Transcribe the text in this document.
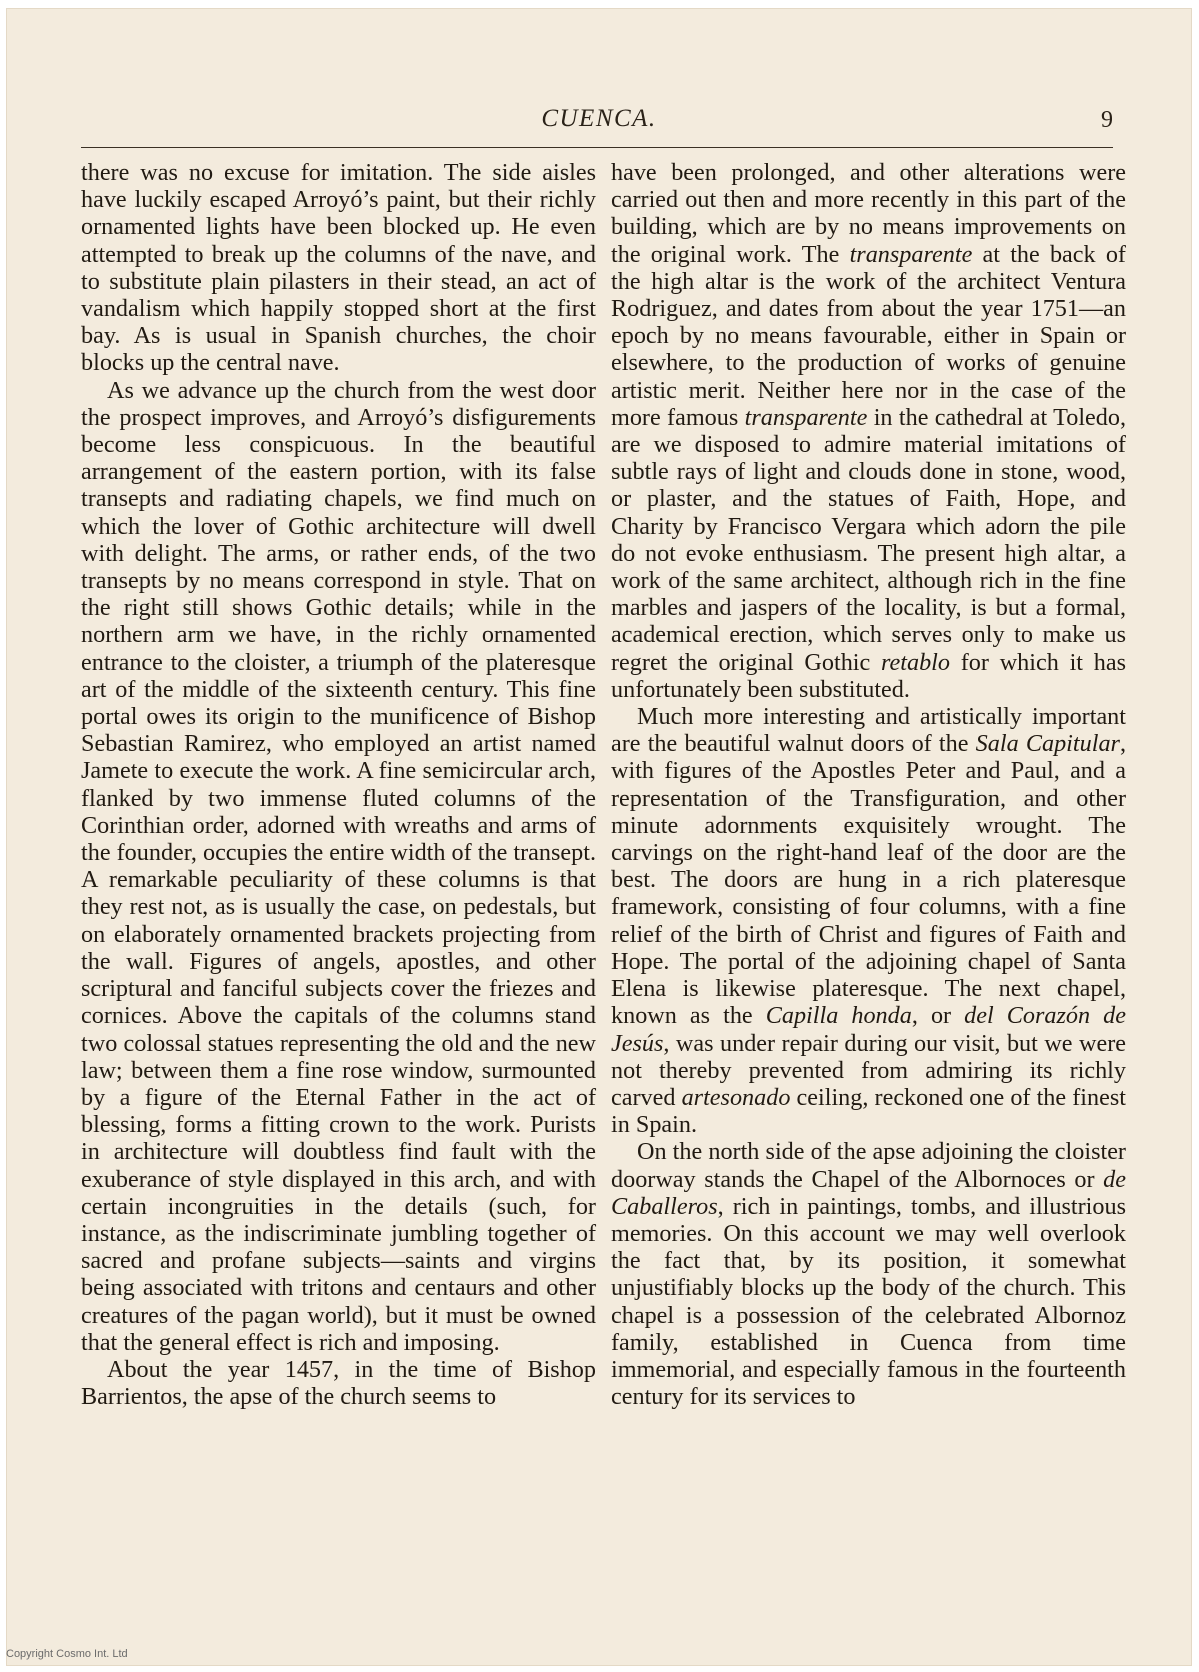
CUENCA.	9

there was no excuse for imitation. The side aisles have luckily escaped Arroyó’s paint, but their richly ornamented lights have been blocked up. He even attempted to break up the columns of the nave, and to substitute plain pilasters in their stead, an act of vandalism which happily stopped short at the first bay. As is usual in Spanish churches, the choir blocks up the central nave.

As we advance up the church from the west door the prospect improves, and Arroyó’s disfigurements become less conspicuous. In the beautiful arrangement of the eastern portion, with its false transepts and radiating chapels, we find much on which the lover of Gothic architecture will dwell with delight. The arms, or rather ends, of the two transepts by no means correspond in style. That on the right still shows Gothic details; while in the northern arm we have, in the richly ornamented entrance to the cloister, a triumph of the plateresque art of the middle of the sixteenth century. This fine portal owes its origin to the munificence of Bishop Sebastian Ramirez, who employed an artist named Jamete to execute the work. A fine semicircular arch, flanked by two immense fluted columns of the Corinthian order, adorned with wreaths and arms of the founder, occupies the entire width of the transept. A remarkable peculiarity of these columns is that they rest not, as is usually the case, on pedestals, but on elaborately ornamented brackets projecting from the wall. Figures of angels, apostles, and other scriptural and fanciful subjects cover the friezes and cornices. Above the capitals of the columns stand two colossal statues representing the old and the new law; between them a fine rose window, surmounted by a figure of the Eternal Father in the act of blessing, forms a fitting crown to the work. Purists in architecture will doubtless find fault with the exuberance of style displayed in this arch, and with certain incongruities in the details (such, for instance, as the indiscriminate jumbling together of sacred and profane subjects—saints and virgins being associated with tritons and centaurs and other creatures of the pagan world), but it must be owned that the general effect is rich and imposing.

About the year 1457, in the time of Bishop Barrientos, the apse of the church seems to

have been prolonged, and other alterations were carried out then and more recently in this part of the building, which are by no means improvements on the original work. The transparente at the back of the high altar is the work of the architect Ventura Rodriguez, and dates from about the year 1751—an epoch by no means favourable, either in Spain or elsewhere, to the production of works of genuine artistic merit. Neither here nor in the case of the more famous transparente in the cathedral at Toledo, are we disposed to admire material imitations of subtle rays of light and clouds done in stone, wood, or plaster, and the statues of Faith, Hope, and Charity by Francisco Vergara which adorn the pile do not evoke enthusiasm. The present high altar, a work of the same architect, although rich in the fine marbles and jaspers of the locality, is but a formal, academical erection, which serves only to make us regret the original Gothic retablo for which it has unfortunately been substituted.

Much more interesting and artistically important are the beautiful walnut doors of the Sala Capitular, with figures of the Apostles Peter and Paul, and a representation of the Transfiguration, and other minute adornments exquisitely wrought. The carvings on the right-hand leaf of the door are the best. The doors are hung in a rich plateresque framework, consisting of four columns, with a fine relief of the birth of Christ and figures of Faith and Hope. The portal of the adjoining chapel of Santa Elena is likewise plateresque. The next chapel, known as the Capilla honda, or del Corazón de Jesús, was under repair during our visit, but we were not thereby prevented from admiring its richly carved artesonado ceiling, reckoned one of the finest in Spain.

On the north side of the apse adjoining the cloister doorway stands the Chapel of the Albornoces or de Caballeros, rich in paintings, tombs, and illustrious memories. On this account we may well overlook the fact that, by its position, it somewhat unjustifiably blocks up the body of the church. This chapel is a possession of the celebrated Albornoz family, established in Cuenca from time immemorial, and especially famous in the fourteenth century for its services to

Copyright Cosmo Int. Ltd
